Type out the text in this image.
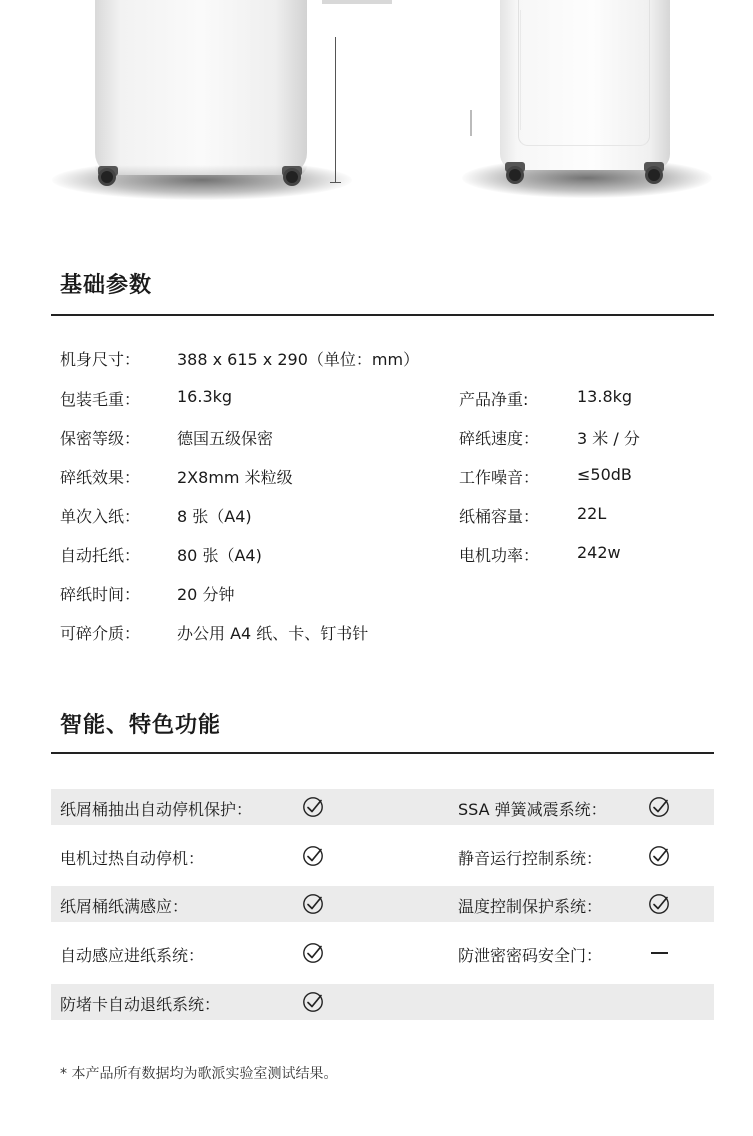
基础参数
机身尺寸： 388 x 615 x 290（单位：mm）
包装毛重： 16.3kg	产品净重:	13.8kg
保密等级： 德国五级保密	碎纸速度： 3 米 / 分
碎纸效果： 2X8mm 米粒级	工作噪音： ≤50dB
单次入纸： 8 张（A4)	纸桶容量： 22L
自动托纸： 80 张（A4)	电机功率： 242w
碎纸时间： 20 分钟
可碎介质： 办公用 A4 纸、卡、钉书针
智能、特色功能
纸屑桶抽出自动停机保护：	SSA 弹簧减震系统：
电机过热自动停机：	静音运行控制系统：
纸屑桶纸满感应：	温度控制保护系统：
自动感应进纸系统：	防泄密密码安全门：
防堵卡自动退纸系统：
* 本产品所有数据均为歌派实验室测试结果。
